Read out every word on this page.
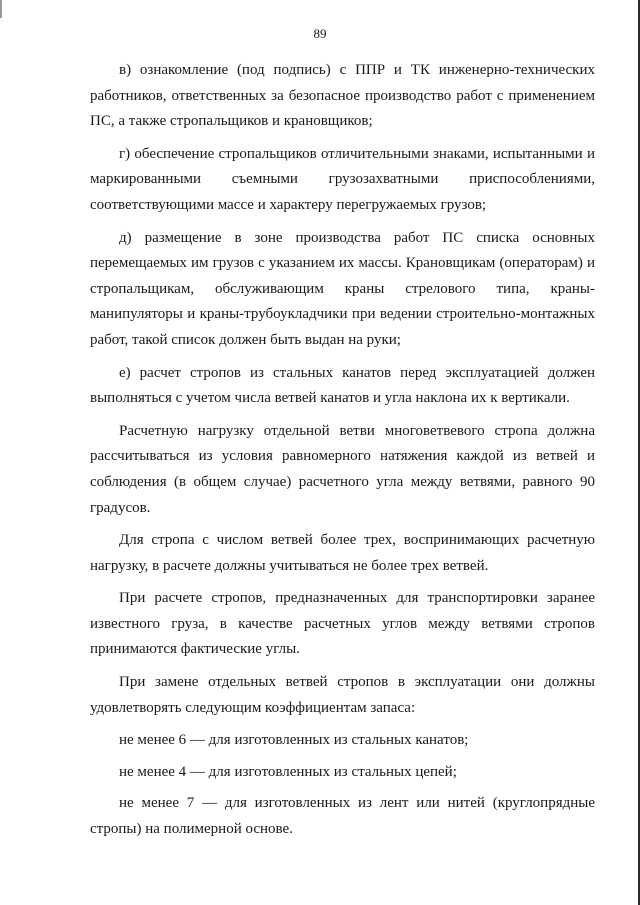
89

в) ознакомление (под подпись) с ППР и ТК инженерно-технических работников, ответственных за безопасное производство работ с применением ПС, а также стропальщиков и крановщиков;

г) обеспечение стропальщиков отличительными знаками, испытанными и маркированными съемными грузозахватными приспособлениями, соответствующими массе и характеру перегружаемых грузов;

д) размещение в зоне производства работ ПС списка основных перемещаемых им грузов с указанием их массы. Крановщикам (операторам) и стропальщикам, обслуживающим краны стрелового типа, краны-манипуляторы и краны-трубоукладчики при ведении строительно-монтажных работ, такой список должен быть выдан на руки;

е) расчет стропов из стальных канатов перед эксплуатацией должен выполняться с учетом числа ветвей канатов и угла наклона их к вертикали.

Расчетную нагрузку отдельной ветви многоветвевого стропа должна рассчитываться из условия равномерного натяжения каждой из ветвей и соблюдения (в общем случае) расчетного угла между ветвями, равного 90 градусов.

Для стропа с числом ветвей более трех, воспринимающих расчетную нагрузку, в расчете должны учитываться не более трех ветвей.

При расчете стропов, предназначенных для транспортировки заранее известного груза, в качестве расчетных углов между ветвями стропов принимаются фактические углы.

При замене отдельных ветвей стропов в эксплуатации они должны удовлетворять следующим коэффициентам запаса:

не менее 6 — для изготовленных из стальных канатов;

не менее 4 — для изготовленных из стальных цепей;

не менее 7 — для изготовленных из лент или нитей (круглопрядные стропы) на полимерной основе.
